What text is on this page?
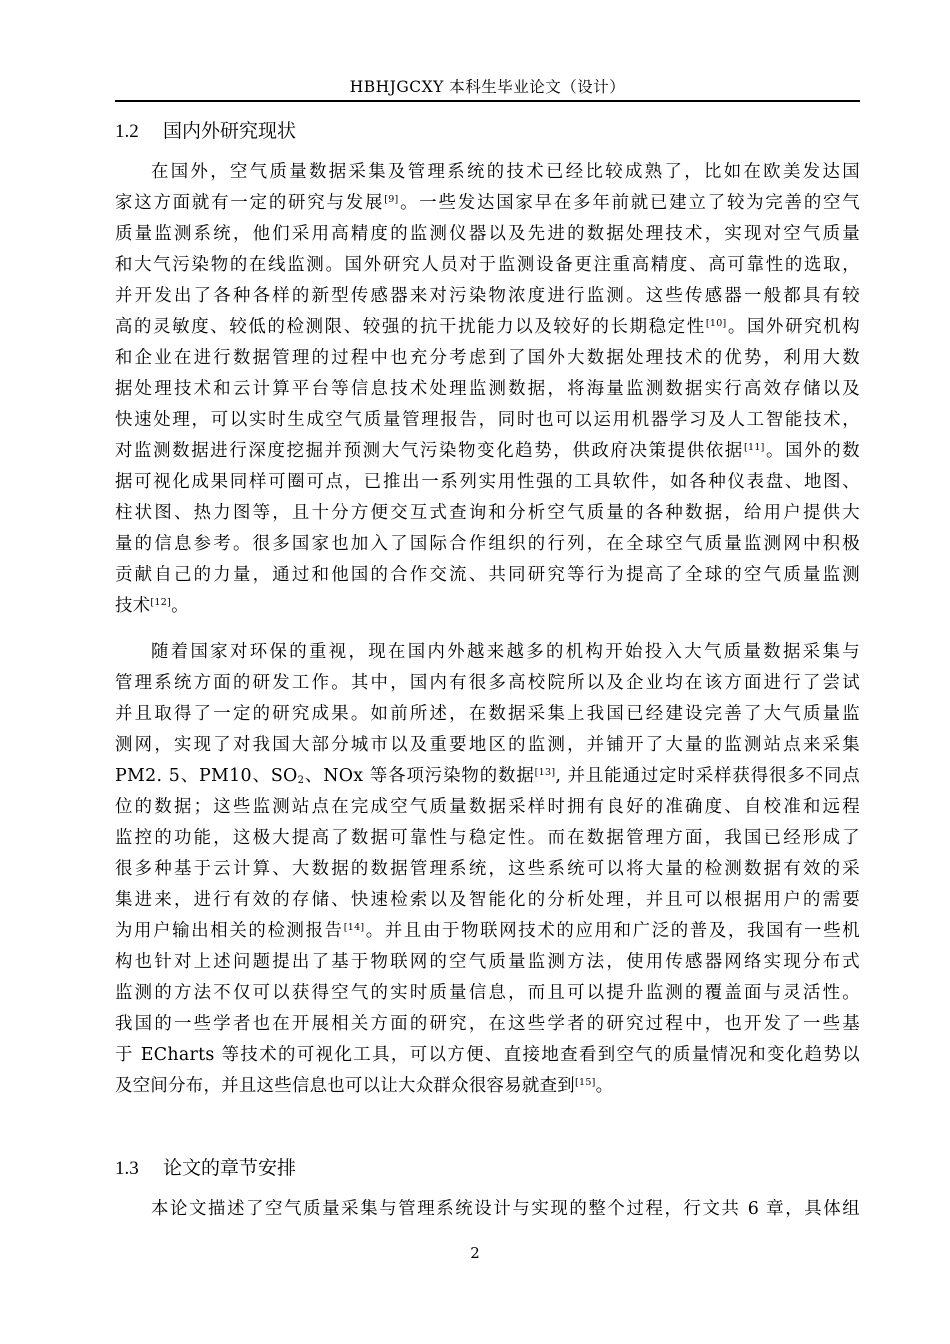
HBHJGCXY 本科生毕业论文（设计）
1.2 国内外研究现状
在国外，空气质量数据采集及管理系统的技术已经比较成熟了，比如在欧美发达国
家这方面就有一定的研究与发展[9]。一些发达国家早在多年前就已建立了较为完善的空气
质量监测系统，他们采用高精度的监测仪器以及先进的数据处理技术，实现对空气质量
和大气污染物的在线监测。国外研究人员对于监测设备更注重高精度、高可靠性的选取，
并开发出了各种各样的新型传感器来对污染物浓度进行监测。这些传感器一般都具有较
高的灵敏度、较低的检测限、较强的抗干扰能力以及较好的长期稳定性[10]。国外研究机构
和企业在进行数据管理的过程中也充分考虑到了国外大数据处理技术的优势，利用大数
据处理技术和云计算平台等信息技术处理监测数据，将海量监测数据实行高效存储以及
快速处理，可以实时生成空气质量管理报告，同时也可以运用机器学习及人工智能技术，
对监测数据进行深度挖掘并预测大气污染物变化趋势，供政府决策提供依据[11]。国外的数
据可视化成果同样可圈可点，已推出一系列实用性强的工具软件，如各种仪表盘、地图、
柱状图、热力图等，且十分方便交互式查询和分析空气质量的各种数据，给用户提供大
量的信息参考。很多国家也加入了国际合作组织的行列，在全球空气质量监测网中积极
贡献自己的力量，通过和他国的合作交流、共同研究等行为提高了全球的空气质量监测
技术[12]。
随着国家对环保的重视，现在国内外越来越多的机构开始投入大气质量数据采集与
管理系统方面的研发工作。其中，国内有很多高校院所以及企业均在该方面进行了尝试
并且取得了一定的研究成果。如前所述，在数据采集上我国已经建设完善了大气质量监
测网，实现了对我国大部分城市以及重要地区的监测，并铺开了大量的监测站点来采集
PM2. 5、PM10、$SO_2$、NOx 等各项污染物的数据[13], 并且能通过定时采样获得很多不同点
位的数据；这些监测站点在完成空气质量数据采样时拥有良好的准确度、自校准和远程
监控的功能，这极大提高了数据可靠性与稳定性。而在数据管理方面，我国已经形成了
很多种基于云计算、大数据的数据管理系统，这些系统可以将大量的检测数据有效的采
集进来，进行有效的存储、快速检索以及智能化的分析处理，并且可以根据用户的需要
为用户输出相关的检测报告[14]。并且由于物联网技术的应用和广泛的普及，我国有一些机
构也针对上述问题提出了基于物联网的空气质量监测方法，使用传感器网络实现分布式
监测的方法不仅可以获得空气的实时质量信息，而且可以提升监测的覆盖面与灵活性。
我国的一些学者也在开展相关方面的研究，在这些学者的研究过程中，也开发了一些基
于 ECharts 等技术的可视化工具，可以方便、直接地查看到空气的质量情况和变化趋势以
及空间分布，并且这些信息也可以让大众群众很容易就查到[15]。
1.3 论文的章节安排
本论文描述了空气质量采集与管理系统设计与实现的整个过程，行文共 6 章，具体组
2
